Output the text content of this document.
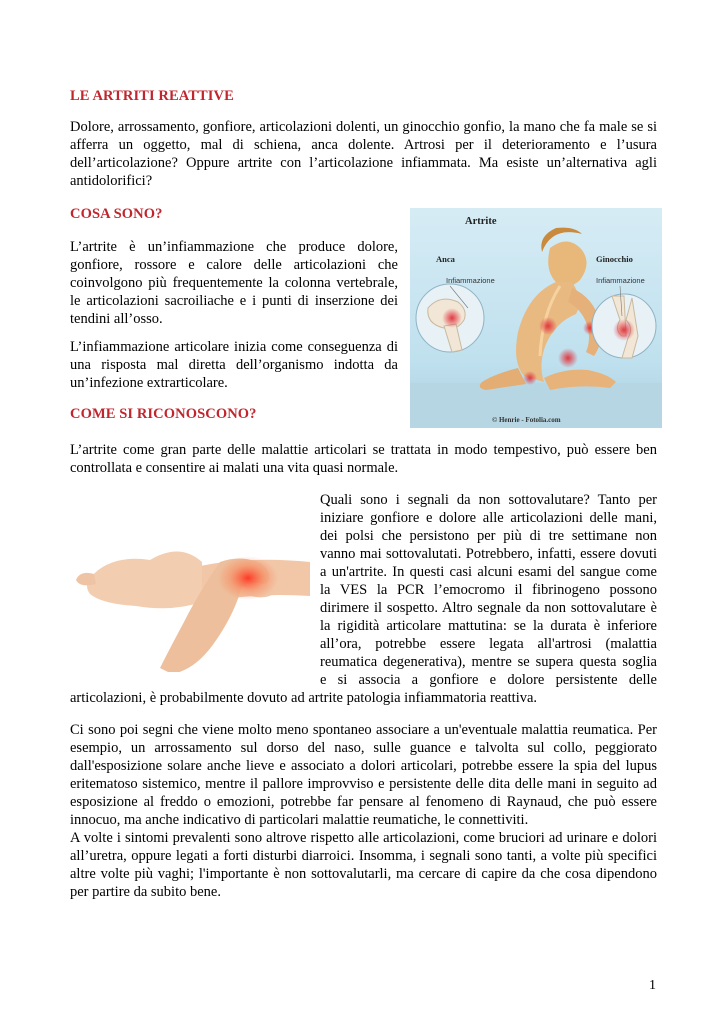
LE ARTRITI REATTIVE

Dolore, arrossamento, gonfiore, articolazioni dolenti, un ginocchio gonfio, la mano che fa male se si afferra un oggetto, mal di schiena, anca dolente. Artrosi per il deterioramento e l’usura dell’articolazione? Oppure artrite con l’articolazione infiammata. Ma esiste un’alternativa agli antidolorifici?

COSA SONO?

L’artrite è un’infiammazione che produce dolore, gonfiore, rossore e calore delle articolazioni che coinvolgono più frequentemente la colonna vertebrale, le articolazioni sacroiliache e i punti di inserzione dei tendini all’osso.

L’infiammazione articolare inizia come conseguenza di una risposta mal diretta dell’organismo indotta da un’infezione extrarticolare.

Artrite
Anca
Infiammazione
Ginocchio
Infiammazione
© Henrie - Fotolia.com
COME SI RICONOSCONO?

L’artrite come gran parte delle malattie articolari se trattata in modo tempestivo, può essere ben controllata e consentire ai malati una vita quasi normale.

Quali sono i segnali da non sottovalutare? Tanto per
iniziare gonfiore e dolore alle articolazioni delle mani,
dei polsi che persistono per più di tre settimane non
vanno mai sottovalutati. Potrebbero, infatti, essere dovuti
a un'artrite. In questi casi alcuni esami del sangue come
la VES la PCR l’emocromo il fibrinogeno possono
dirimere il sospetto. Altro segnale da non sottovalutare è
la rigidità articolare mattutina: se la durata è inferiore
all’ora, potrebbe essere legata all'artrosi (malattia
reumatica degenerativa), mentre se supera questa soglia
e si associa a gonfiore e dolore persistente delle

articolazioni, è probabilmente dovuto ad artrite patologia infiammatoria reattiva.

Ci sono poi segni che viene molto meno spontaneo associare a un'eventuale malattia reumatica. Per esempio, un arrossamento sul dorso del naso, sulle guance e talvolta sul collo, peggiorato dall'esposizione solare anche lieve e associato a dolori articolari, potrebbe essere la spia del lupus eritematoso sistemico, mentre il pallore improvviso e persistente delle dita delle mani in seguito ad esposizione al freddo o emozioni, potrebbe far pensare al fenomeno di Raynaud, che può essere innocuo, ma anche indicativo di particolari malattie reumatiche, le connettiviti.

A volte i sintomi prevalenti sono altrove rispetto alle articolazioni, come bruciori ad urinare e dolori all’uretra, oppure legati a forti disturbi diarroici. Insomma, i segnali sono tanti, a volte più specifici altre volte più vaghi; l'importante è non sottovalutarli, ma cercare di capire da che cosa dipendono per partire da subito bene.

1
